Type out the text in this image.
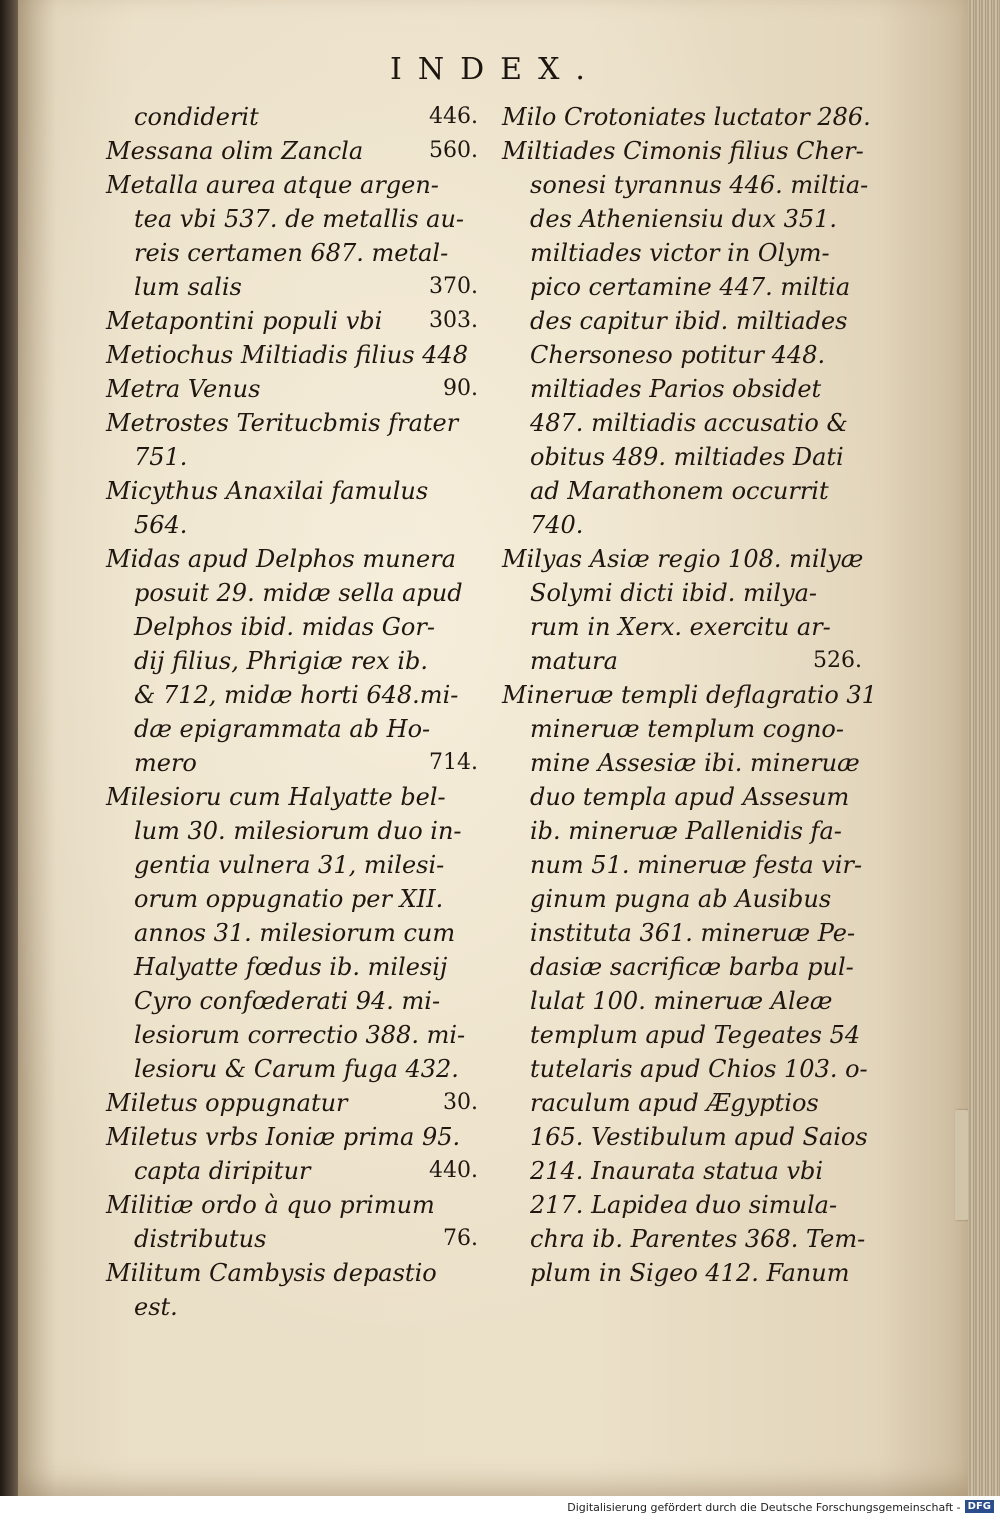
INDEX.
condiderit	446.
Messana olim Zancla	560.
Metalla aurea atque argen-
tea vbi 537. de metallis au-
reis certamen 687. metal-
lum salis	370.
Metapontini populi vbi 303.
Metiochus Miltiadis filius 448
Metra Venus	90.
Metrostes Teritucbmis frater
751.
Micythus Anaxilai famulus
564.
Midas apud Delphos munera
posuit 29. midæ sella apud
Delphos ibid. midas Gor-
dij filius, Phrigiæ rex ib.
& 712, midæ horti 648.mi-
dæ epigrammata ab Ho-
mero	714.
Milesioru cum Halyatte bel-
lum 30. milesiorum duo in-
gentia vulnera 31, milesi-
orum oppugnatio per XII.
annos 31. milesiorum cum
Halyatte fœdus ib. milesij
Cyro confœderati 94. mi-
lesiorum correctio 388. mi-
lesioru & Carum fuga 432.
Miletus oppugnatur	30.
Miletus vrbs Ioniæ prima 95.
capta diripitur	440.
Militiæ ordo à quo primum
distributus	76.
Militum Cambysis depastio
est.
Milo Crotoniates luctator 286.
Miltiades Cimonis filius Cher-
sonesi tyrannus 446. miltia-
des Atheniensiu dux 351.
miltiades victor in Olym-
pico certamine 447. miltia
des capitur ibid. miltiades
Chersoneso potitur 448.
miltiades Parios obsidet
487. miltiadis accusatio &
obitus 489. miltiades Dati
ad Marathonem occurrit
740.
Milyas Asiæ regio 108. milyæ
Solymi dicti ibid. milya-
rum in Xerx. exercitu ar-
matura	526.
Mineruæ templi deflagratio 31
mineruæ templum cogno-
mine Assesiæ ibi. mineruæ
duo templa apud Assesum
ib. mineruæ Pallenidis fa-
num 51. mineruæ festa vir-
ginum pugna ab Ausibus
instituta 361. mineruæ Pe-
dasiæ sacrificæ barba pul-
lulat 100. mineruæ Aleæ
templum apud Tegeates 54
tutelaris apud Chios 103. o-
raculum apud Ægyptios
165. Vestibulum apud Saios
214. Inaurata statua vbi
217. Lapidea duo simula-
chra ib. Parentes 368. Tem-
plum in Sigeo 412. Fanum
Digitalisierung gefördert durch die Deutsche Forschungsgemeinschaft - DFG
